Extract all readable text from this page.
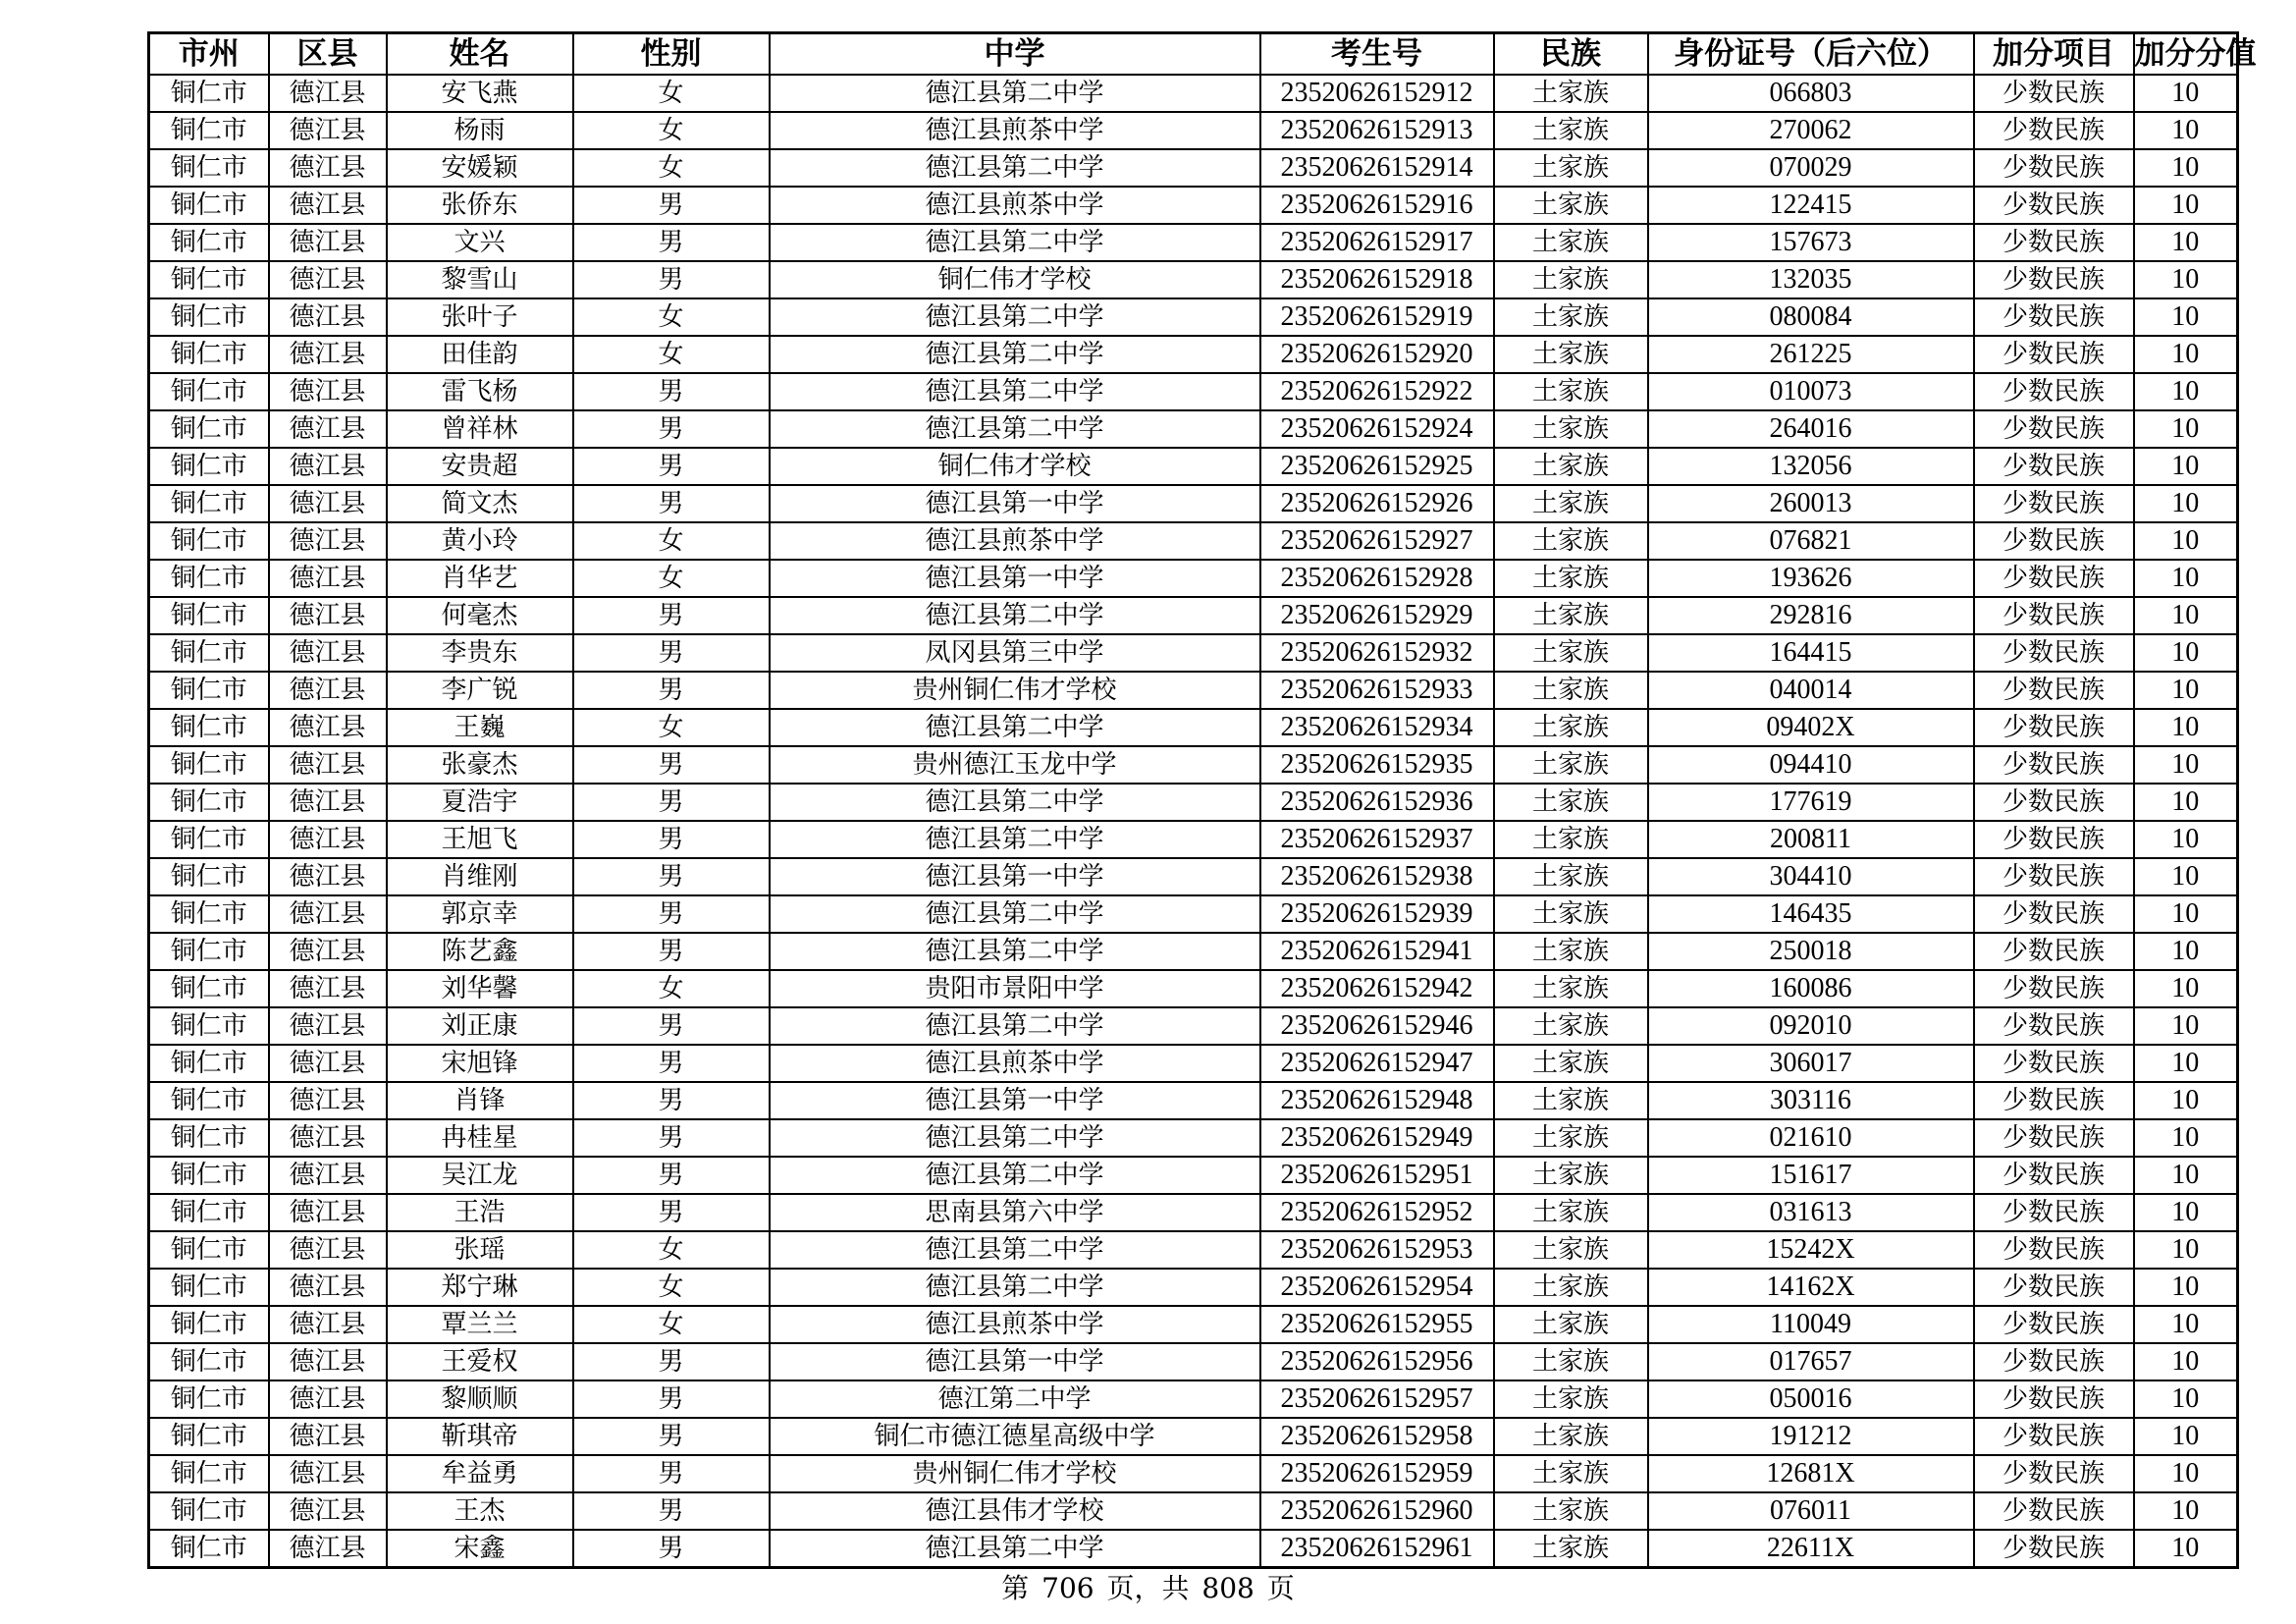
市州	区县	姓名	性别	中学	考生号	民族	身份证号（后六位）	加分项目	加分分值
铜仁市	德江县	安飞燕	女	德江县第二中学	23520626152912	土家族	066803	少数民族	10
铜仁市	德江县	杨雨	女	德江县煎茶中学	23520626152913	土家族	270062	少数民族	10
铜仁市	德江县	安媛颖	女	德江县第二中学	23520626152914	土家族	070029	少数民族	10
铜仁市	德江县	张侨东	男	德江县煎茶中学	23520626152916	土家族	122415	少数民族	10
铜仁市	德江县	文兴	男	德江县第二中学	23520626152917	土家族	157673	少数民族	10
铜仁市	德江县	黎雪山	男	铜仁伟才学校	23520626152918	土家族	132035	少数民族	10
铜仁市	德江县	张叶子	女	德江县第二中学	23520626152919	土家族	080084	少数民族	10
铜仁市	德江县	田佳韵	女	德江县第二中学	23520626152920	土家族	261225	少数民族	10
铜仁市	德江县	雷飞杨	男	德江县第二中学	23520626152922	土家族	010073	少数民族	10
铜仁市	德江县	曾祥林	男	德江县第二中学	23520626152924	土家族	264016	少数民族	10
铜仁市	德江县	安贵超	男	铜仁伟才学校	23520626152925	土家族	132056	少数民族	10
铜仁市	德江县	简文杰	男	德江县第一中学	23520626152926	土家族	260013	少数民族	10
铜仁市	德江县	黄小玲	女	德江县煎茶中学	23520626152927	土家族	076821	少数民族	10
铜仁市	德江县	肖华艺	女	德江县第一中学	23520626152928	土家族	193626	少数民族	10
铜仁市	德江县	何毫杰	男	德江县第二中学	23520626152929	土家族	292816	少数民族	10
铜仁市	德江县	李贵东	男	凤冈县第三中学	23520626152932	土家族	164415	少数民族	10
铜仁市	德江县	李广锐	男	贵州铜仁伟才学校	23520626152933	土家族	040014	少数民族	10
铜仁市	德江县	王巍	女	德江县第二中学	23520626152934	土家族	09402X	少数民族	10
铜仁市	德江县	张豪杰	男	贵州德江玉龙中学	23520626152935	土家族	094410	少数民族	10
铜仁市	德江县	夏浩宇	男	德江县第二中学	23520626152936	土家族	177619	少数民族	10
铜仁市	德江县	王旭飞	男	德江县第二中学	23520626152937	土家族	200811	少数民族	10
铜仁市	德江县	肖维刚	男	德江县第一中学	23520626152938	土家族	304410	少数民族	10
铜仁市	德江县	郭京幸	男	德江县第二中学	23520626152939	土家族	146435	少数民族	10
铜仁市	德江县	陈艺鑫	男	德江县第二中学	23520626152941	土家族	250018	少数民族	10
铜仁市	德江县	刘华馨	女	贵阳市景阳中学	23520626152942	土家族	160086	少数民族	10
铜仁市	德江县	刘正康	男	德江县第二中学	23520626152946	土家族	092010	少数民族	10
铜仁市	德江县	宋旭锋	男	德江县煎茶中学	23520626152947	土家族	306017	少数民族	10
铜仁市	德江县	肖锋	男	德江县第一中学	23520626152948	土家族	303116	少数民族	10
铜仁市	德江县	冉桂星	男	德江县第二中学	23520626152949	土家族	021610	少数民族	10
铜仁市	德江县	吴江龙	男	德江县第二中学	23520626152951	土家族	151617	少数民族	10
铜仁市	德江县	王浩	男	思南县第六中学	23520626152952	土家族	031613	少数民族	10
铜仁市	德江县	张瑶	女	德江县第二中学	23520626152953	土家族	15242X	少数民族	10
铜仁市	德江县	郑宁琳	女	德江县第二中学	23520626152954	土家族	14162X	少数民族	10
铜仁市	德江县	覃兰兰	女	德江县煎茶中学	23520626152955	土家族	110049	少数民族	10
铜仁市	德江县	王爱权	男	德江县第一中学	23520626152956	土家族	017657	少数民族	10
铜仁市	德江县	黎顺顺	男	德江第二中学	23520626152957	土家族	050016	少数民族	10
铜仁市	德江县	靳琪帝	男	铜仁市德江德星高级中学	23520626152958	土家族	191212	少数民族	10
铜仁市	德江县	牟益勇	男	贵州铜仁伟才学校	23520626152959	土家族	12681X	少数民族	10
铜仁市	德江县	王杰	男	德江县伟才学校	23520626152960	土家族	076011	少数民族	10
铜仁市	德江县	宋鑫	男	德江县第二中学	23520626152961	土家族	22611X	少数民族	10
第 706 页，共 808 页
